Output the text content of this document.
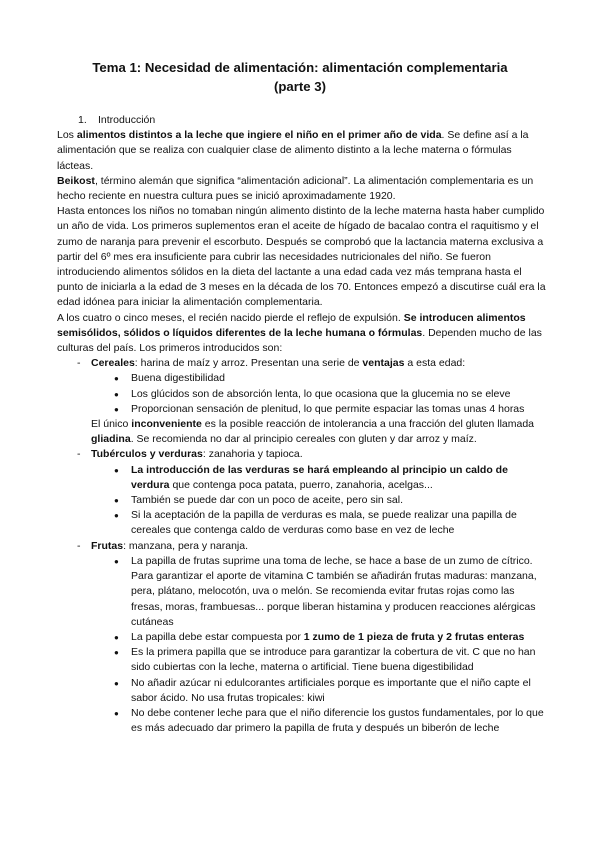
Tema 1: Necesidad de alimentación: alimentación complementaria
(parte 3)

1. Introducción

Los alimentos distintos a la leche que ingiere el niño en el primer año de vida. Se define así a la alimentación que se realiza con cualquier clase de alimento distinto a la leche materna o fórmulas lácteas.

Beikost, término alemán que significa “alimentación adicional”. La alimentación complementaria es un hecho reciente en nuestra cultura pues se inició aproximadamente 1920.

Hasta entonces los niños no tomaban ningún alimento distinto de la leche materna hasta haber cumplido un año de vida. Los primeros suplementos eran el aceite de hígado de bacalao contra el raquitismo y el zumo de naranja para prevenir el escorbuto. Después se comprobó que la lactancia materna exclusiva a partir del 6º mes era insuficiente para cubrir las necesidades nutricionales del niño. Se fueron introduciendo alimentos sólidos en la dieta del lactante a una edad cada vez más temprana hasta el punto de iniciarla a la edad de 3 meses en la década de los 70. Entonces empezó a discutirse cuál era la edad idónea para iniciar la alimentación complementaria.

A los cuatro o cinco meses, el recién nacido pierde el reflejo de expulsión. Se introducen alimentos semisólidos, sólidos o líquidos diferentes de la leche humana o fórmulas. Dependen mucho de las culturas del país. Los primeros introducidos son:

- Cereales: harina de maíz y arroz. Presentan una serie de ventajas a esta edad:
● Buena digestibilidad
● Los glúcidos son de absorción lenta, lo que ocasiona que la glucemia no se eleve
● Proporcionan sensación de plenitud, lo que permite espaciar las tomas unas 4 horas

El único inconveniente es la posible reacción de intolerancia a una fracción del gluten llamada gliadina. Se recomienda no dar al principio cereales con gluten y dar arroz y maíz.

- Tubérculos y verduras: zanahoria y tapioca.
● La introducción de las verduras se hará empleando al principio un caldo de verdura que contenga poca patata, puerro, zanahoria, acelgas...
● También se puede dar con un poco de aceite, pero sin sal.
● Si la aceptación de la papilla de verduras es mala, se puede realizar una papilla de cereales que contenga caldo de verduras como base en vez de leche
- Frutas: manzana, pera y naranja.
● La papilla de frutas suprime una toma de leche, se hace a base de un zumo de cítrico. Para garantizar el aporte de vitamina C también se añadirán frutas maduras: manzana, pera, plátano, melocotón, uva o melón. Se recomienda evitar frutas rojas como las fresas, moras, frambuesas... porque liberan histamina y producen reacciones alérgicas cutáneas
● La papilla debe estar compuesta por 1 zumo de 1 pieza de fruta y 2 frutas enteras
● Es la primera papilla que se introduce para garantizar la cobertura de vit. C que no han sido cubiertas con la leche, materna o artificial. Tiene buena digestibilidad
● No añadir azúcar ni edulcorantes artificiales porque es importante que el niño capte el sabor ácido. No usa frutas tropicales: kiwi
● No debe contener leche para que el niño diferencie los gustos fundamentales, por lo que es más adecuado dar primero la papilla de fruta y después un biberón de leche
